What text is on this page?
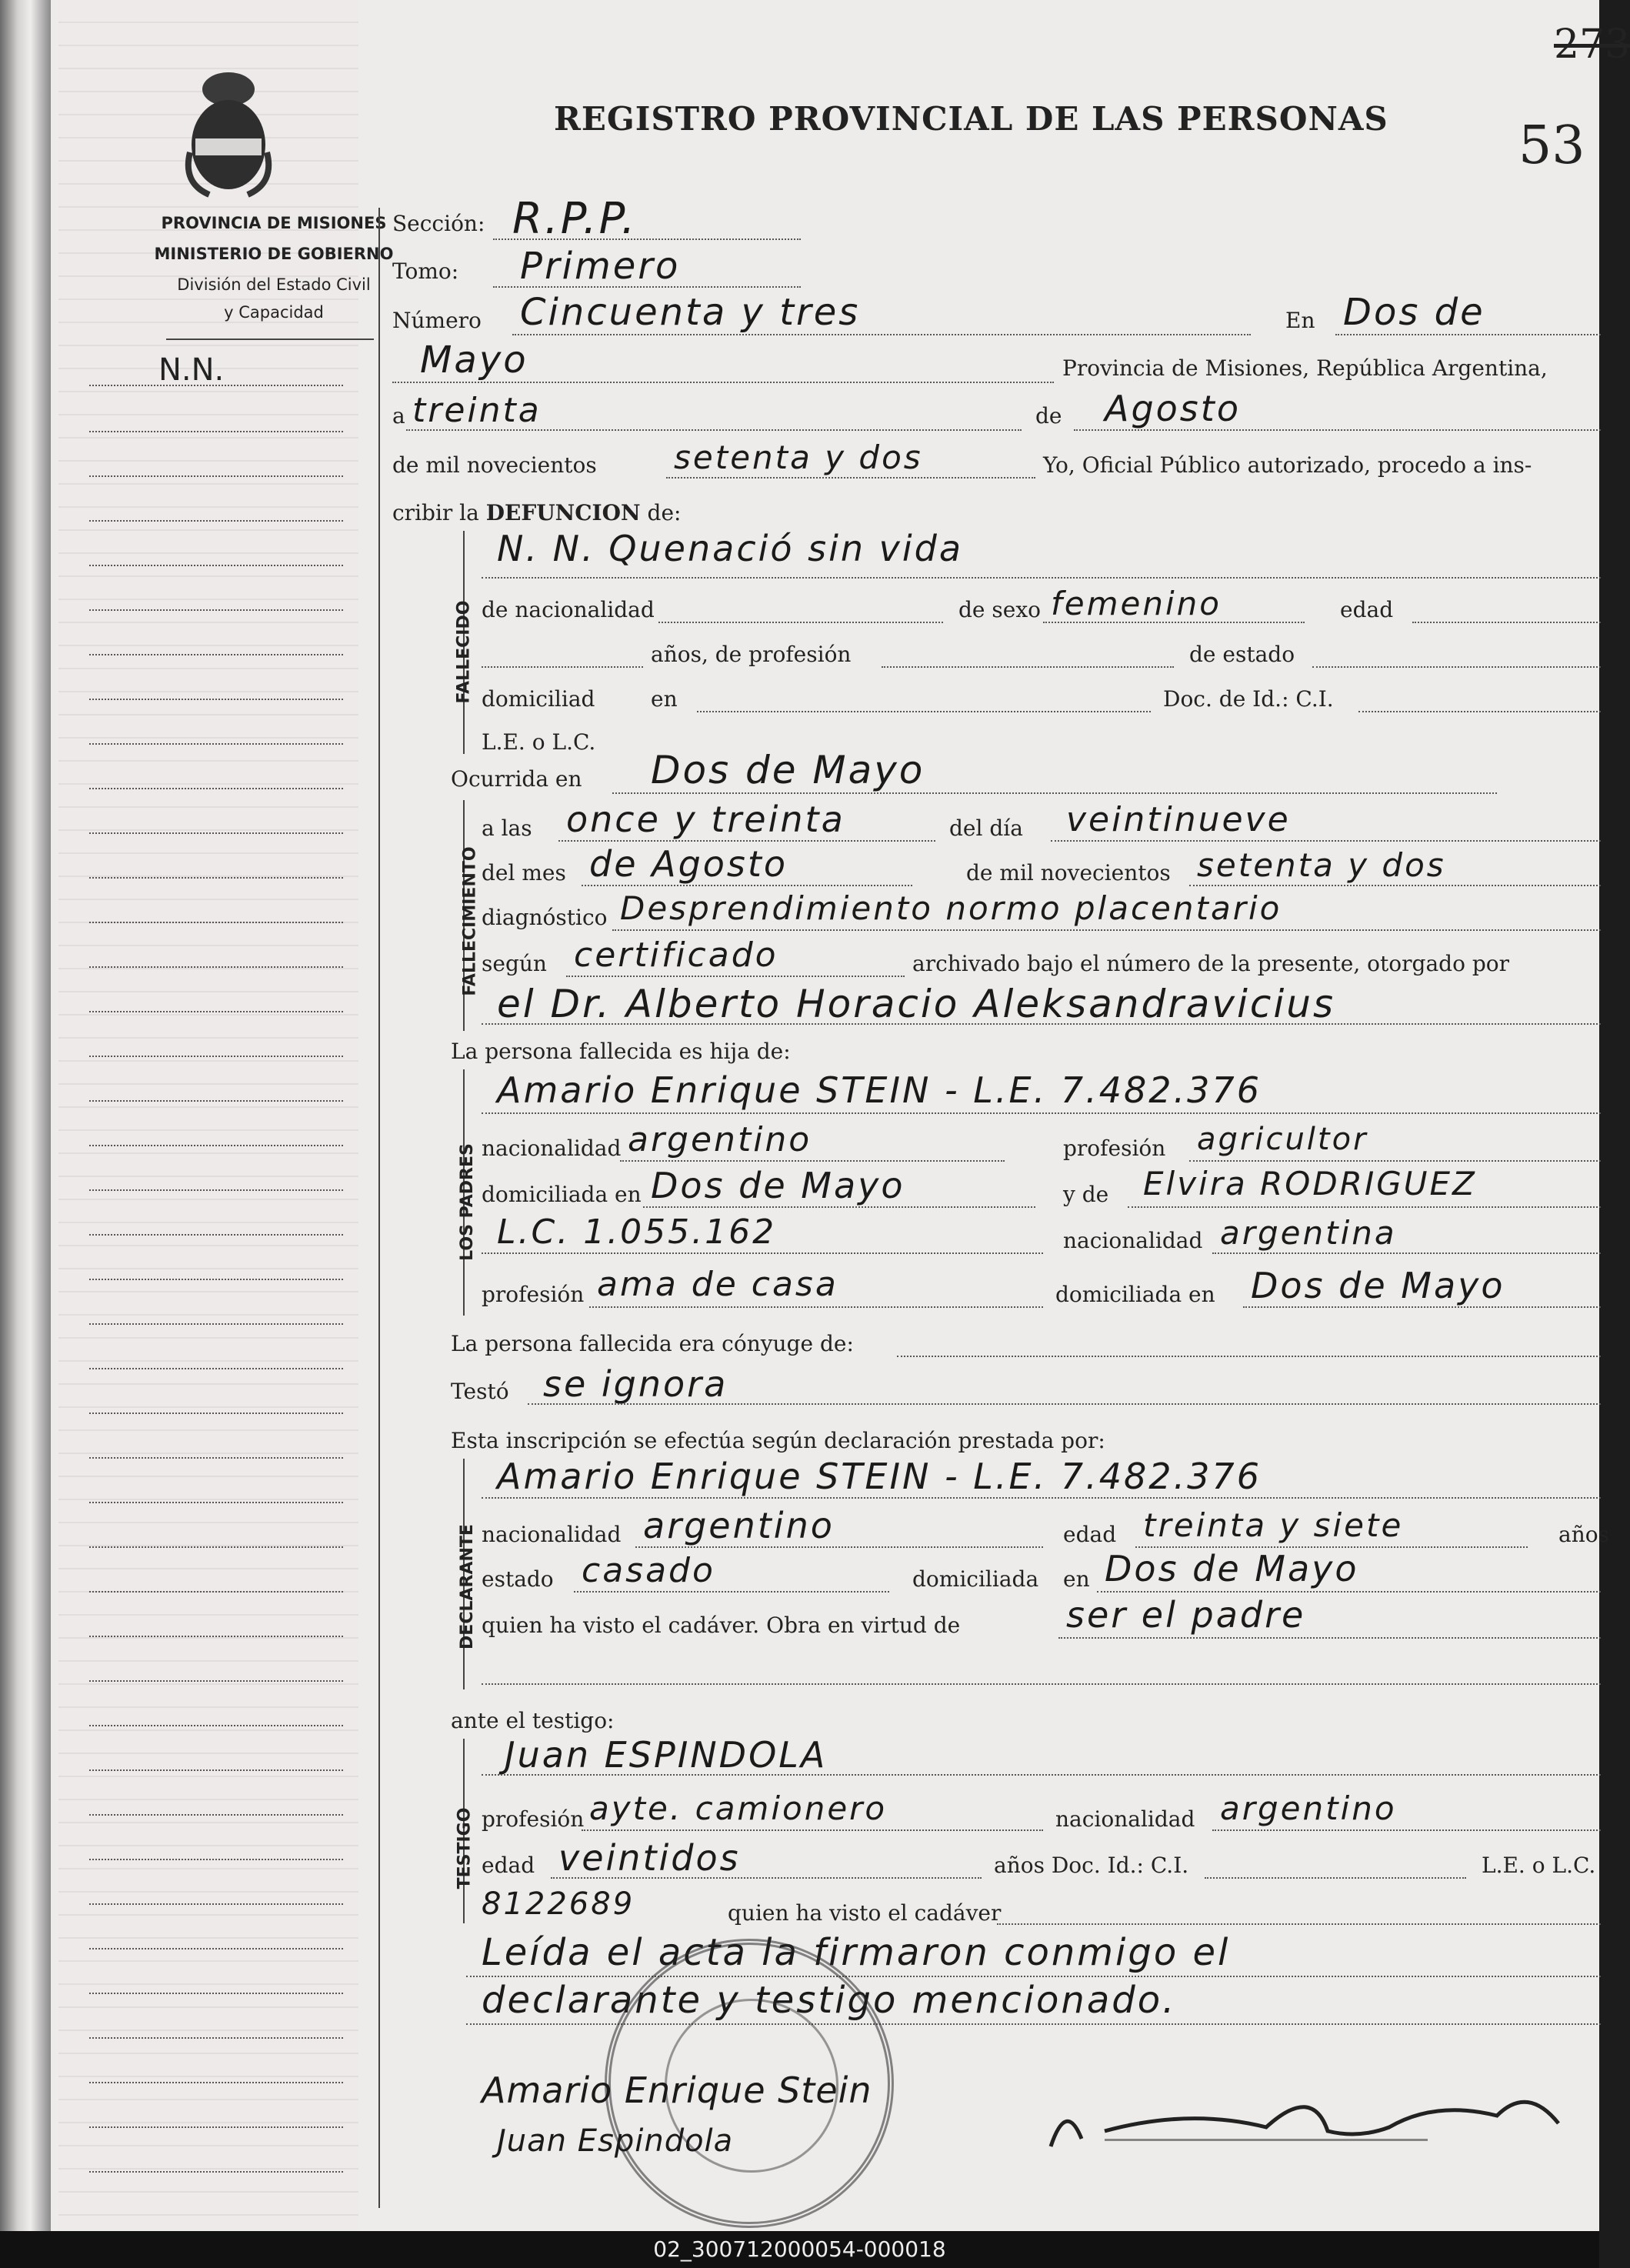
PROVINCIA DE MISIONES
MINISTERIO DE GOBIERNO
División del Estado Civil
y Capacidad
N.N.
REGISTRO PROVINCIAL DE LAS PERSONAS 53
273
Sección: R.P.P.
Tomo: Primero
Número Cincuenta y tres	En Dos de
Mayo	Provincia de Misiones, República Argentina,
a treinta	de Agosto
de mil novecientos setenta y dos	Yo, Oficial Público autorizado, procedo a ins-
cribir la DEFUNCION de:
FALLECIDO
N. N. Quenació sin vida
de nacionalidad	de sexo femenino	edad
años, de profesión	de estado
domiciliad	en	Doc. de Id.: C.I.
L.E. o L.C.
Ocurrida en Dos de Mayo
FALLECIMIENTO
a las once y treinta	del día veintinueve
del mes de Agosto	de mil novecientos setenta y dos
diagnóstico Desprendimiento normo placentario
según certificado	archivado bajo el número de la presente, otorgado por
el Dr. Alberto Horacio Aleksandravicius
La persona fallecida es hija de:
LOS PADRES
Amario Enrique STEIN - L.E. 7.482.376
nacionalidad argentino	profesión agricultor
domiciliada en Dos de Mayo	y de Elvira RODRIGUEZ
L.C. 1.055.162	nacionalidad argentina
profesión ama de casa	domiciliada en Dos de Mayo
La persona fallecida era cónyuge de:
Testó se ignora
Esta inscripción se efectúa según declaración prestada por:
DECLARANTE
Amario Enrique STEIN - L.E. 7.482.376
nacionalidad argentino	edad treinta y siete	años
estado casado	domiciliada en Dos de Mayo
quien ha visto el cadáver. Obra en virtud de	ser el padre
ante el testigo:
TESTIGO
Juan ESPINDOLA
profesión ayte. camionero	nacionalidad argentino
edad veintidos	años Doc. Id.: C.I.	L.E. o L.C.
8122689	quien ha visto el cadáver
Leída el acta la firmaron conmigo el
declarante y testigo mencionado.
Amario Enrique Stein
Juan Espindola
02_300712000054-000018
